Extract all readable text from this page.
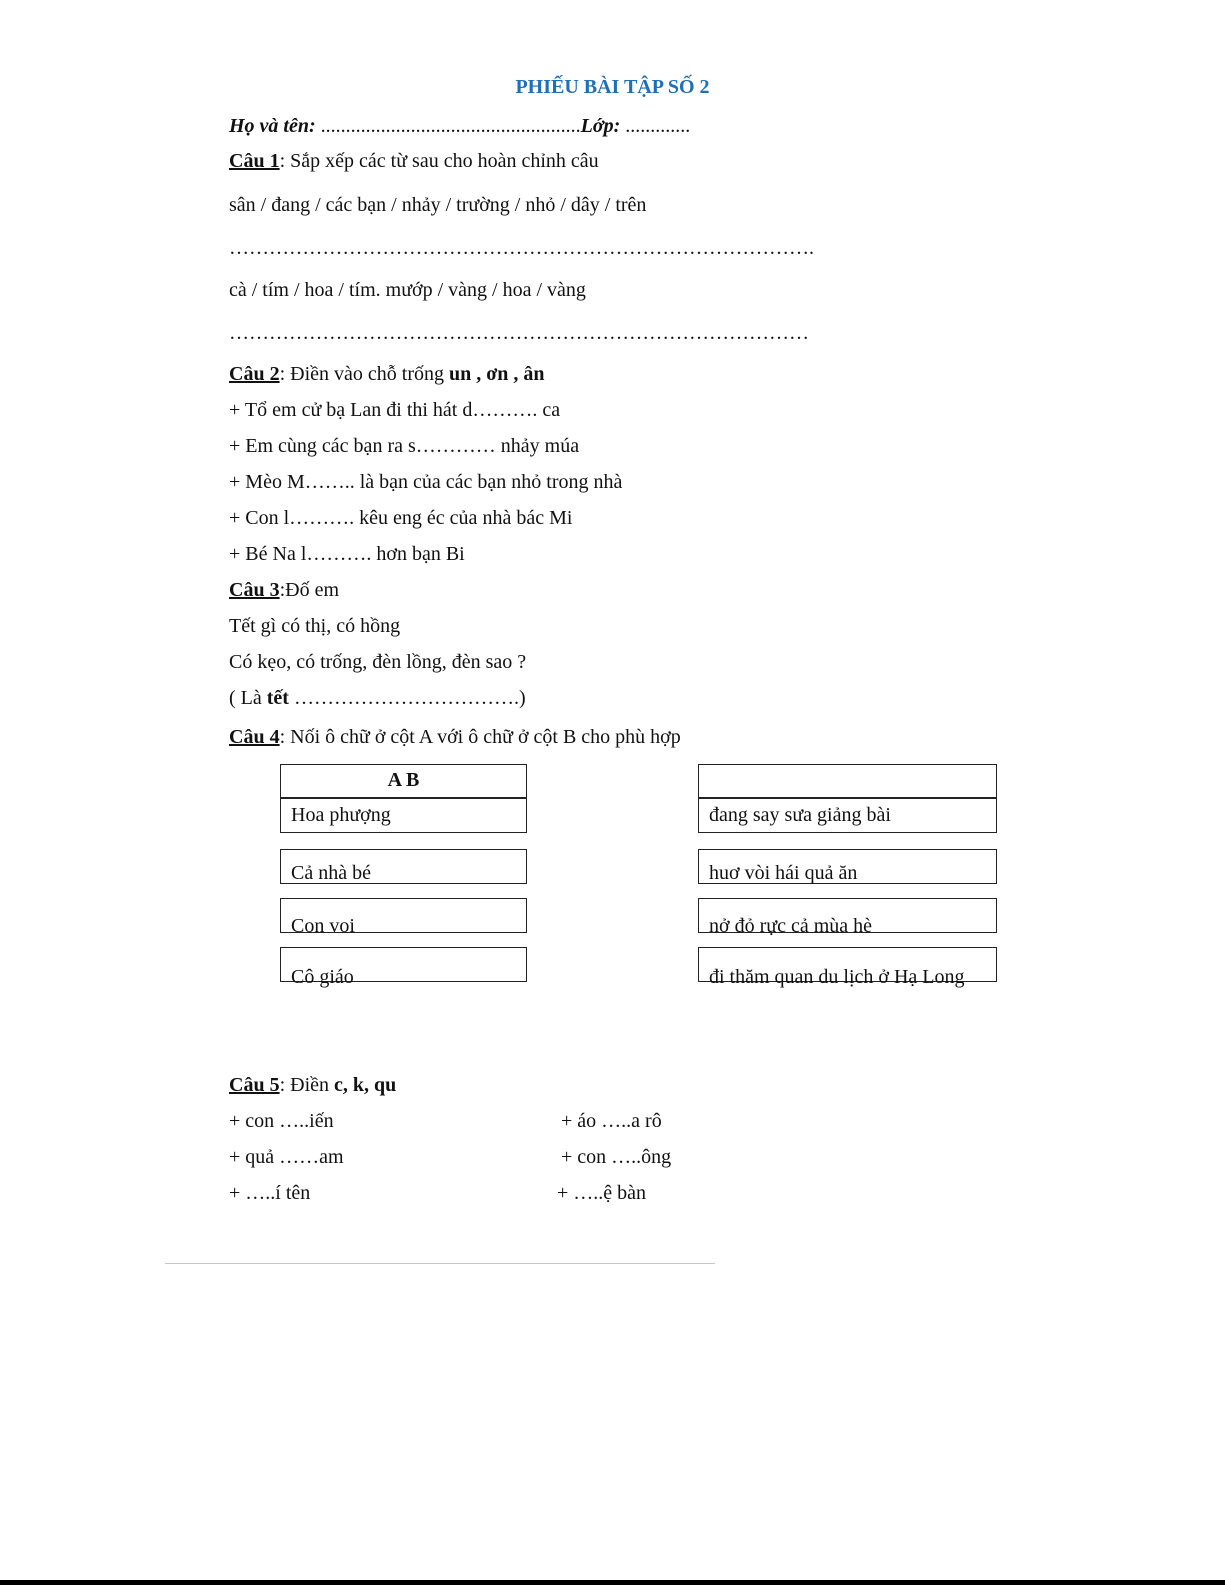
PHIẾU BÀI TẬP SỐ 2
Họ và tên: ....................................................Lớp: .............
Câu 1: Sắp xếp các từ sau cho hoàn chỉnh câu
sân / đang / các bạn / nhảy / trường / nhỏ / dây / trên
…………………………………………………………………………….
cà / tím / hoa / tím. mướp / vàng / hoa / vàng
……………………………………………………………………………
Câu 2: Điền vào chỗ trống un , ơn , ân
+ Tổ em cử bạ Lan đi thi hát d………. ca
+ Em cùng các bạn ra s………… nhảy múa
+ Mèo M…….. là bạn của các bạn nhỏ trong nhà
+ Con l………. kêu eng éc của nhà bác Mi
+ Bé Na l………. hơn bạn Bi
Câu 3:Đố em
Tết gì có thị, có hồng
Có kẹo, có trống, đèn lồng, đèn sao ?
( Là tết …………………………….)
Câu 4: Nối ô chữ ở cột A với ô chữ ở cột B cho phù hợp
A B
Hoa phượng
Cả nhà bé
Con voi
Cô giáo
đang say sưa giảng bài
huơ vòi hái quả ăn
nở đỏ rực cả mùa hè
đi thăm quan du lịch ở Hạ Long
Câu 5: Điền c, k, qu
+ con …..iến
+ quả ……am
+ …..í tên
+ áo …..a rô
+ con …..ông
+ …..ệ bàn
